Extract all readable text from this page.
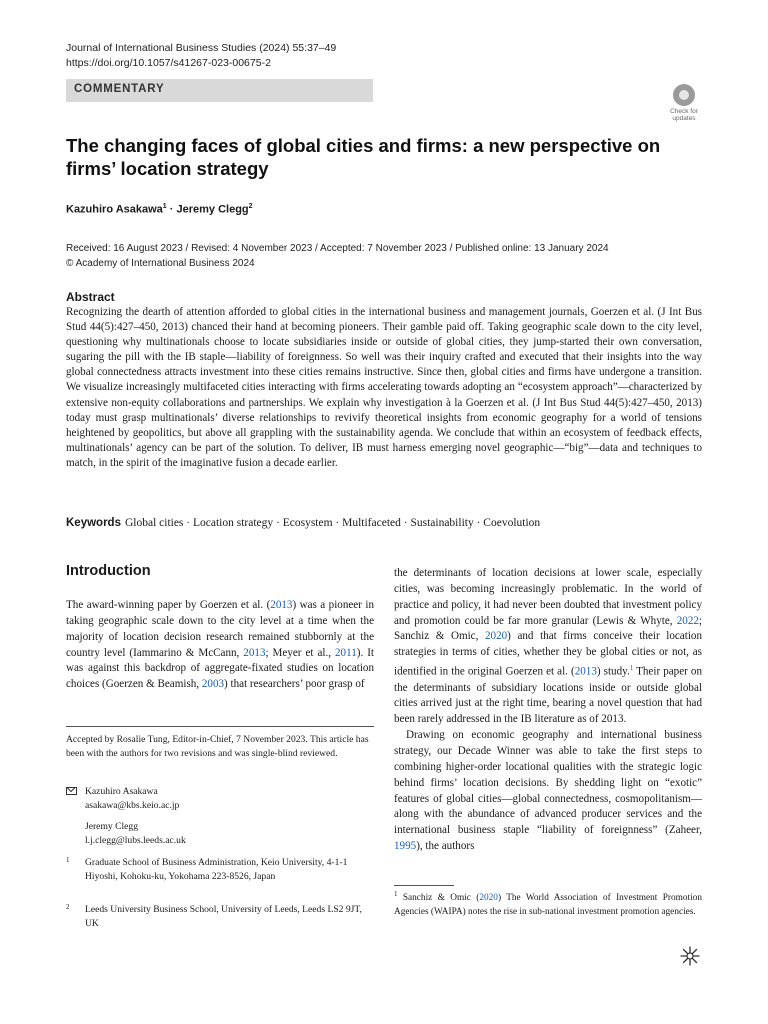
Journal of International Business Studies (2024) 55:37–49
https://doi.org/10.1057/s41267-023-00675-2
COMMENTARY
Check for
updates
The changing faces of global cities and firms: a new perspective on firms’ location strategy
Kazuhiro Asakawa$^1$ · Jeremy Clegg$^2$
Received: 16 August 2023 / Revised: 4 November 2023 / Accepted: 7 November 2023 / Published online: 13 January 2024
© Academy of International Business 2024
Abstract
Recognizing the dearth of attention afforded to global cities in the international business and management journals, Goerzen et al. (J Int Bus Stud 44(5):427–450, 2013) chanced their hand at becoming pioneers. Their gamble paid off. Taking geographic scale down to the city level, questioning why multinationals choose to locate subsidiaries inside or outside of global cities, they jump-started their own conversation, sugaring the pill with the IB staple—liability of foreignness. So well was their inquiry crafted and executed that their insights into the way global connectedness attracts investment into these cities remains instructive. Since then, global cities and firms have undergone a transition. We visualize increasingly multifaceted cities interacting with firms accelerating towards adopting an “ecosystem approach”—characterized by extensive non-equity collaborations and partnerships. We explain why investigation à la Goerzen et al. (J Int Bus Stud 44(5):427–450, 2013) today must grasp multinationals’ diverse relationships to revivify theoretical insights from economic geography for a world of tensions heightened by geopolitics, but above all grappling with the sustainability agenda. We conclude that within an ecosystem of feedback effects, multinationals’ agency can be part of the solution. To deliver, IB must harness emerging novel geographic—“big”—data and techniques to match, in the spirit of the imaginative fusion a decade earlier.
Keywords Global cities · Location strategy · Ecosystem · Multifaceted · Sustainability · Coevolution
Introduction

The award-winning paper by Goerzen et al. (2013) was a pioneer in taking geographic scale down to the city level at a time when the majority of location decision research remained stubbornly at the country level (Iammarino & McCann, 2013; Meyer et al., 2011). It was against this backdrop of aggregate-fixated studies on location choices (Goerzen & Beamish, 2003) that researchers’ poor grasp of

the determinants of location decisions at lower scale, especially cities, was becoming increasingly problematic. In the world of practice and policy, it had never been doubted that investment policy and promotion could be far more granular (Lewis & Whyte, 2022; Sanchiz & Omic, 2020) and that firms conceive their location strategies in terms of cities, whether they be global cities or not, as identified in the original Goerzen et al. (2013) study.$^1$ Their paper on the determinants of subsidiary locations inside or outside global cities arrived just at the right time, bearing a novel question that had been rarely addressed in the IB literature as of 2013.

Drawing on economic geography and international business strategy, our Decade Winner was able to take the first steps to combining higher-order locational qualities with the strategic logic behind firms’ location decisions. By shedding light on “exotic” features of global cities—global connectedness, cosmopolitanism—along with the abundance of advanced producer services and the international business staple “liability of foreignness” (Zaheer, 1995), the authors

Accepted by Rosalie Tung, Editor-in-Chief, 7 November 2023. This article has been with the authors for two revisions and was single-blind reviewed.
Kazuhiro Asakawa
asakawa@kbs.keio.ac.jp
Jeremy Clegg
l.j.clegg@lubs.leeds.ac.uk
1 Graduate School of Business Administration, Keio University, 4-1-1 Hiyoshi, Kohoku-ku, Yokohama 223-8526, Japan
2 Leeds University Business School, University of Leeds, Leeds LS2 9JT, UK
$^1$ Sanchiz & Omic (2020) The World Association of Investment Promotion Agencies (WAIPA) notes the rise in sub-national investment promotion agencies.
